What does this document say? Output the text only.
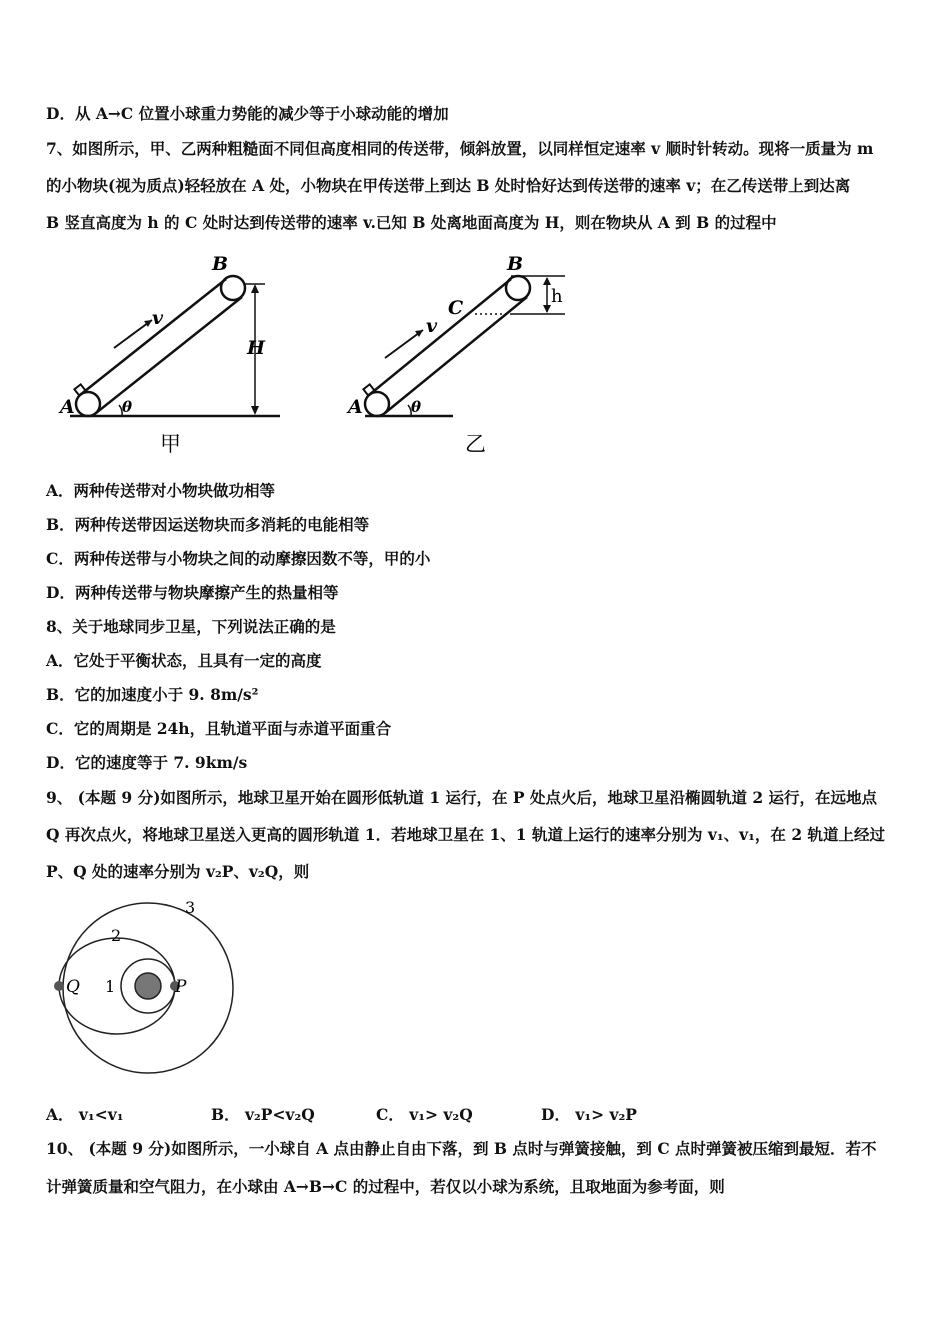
D．从 A→C 位置小球重力势能的减少等于小球动能的增加
7、如图所示，甲、乙两种粗糙面不同但高度相同的传送带，倾斜放置，以同样恒定速率 v 顺时针转动。现将一质量为 m
的小物块(视为质点)轻轻放在 A 处，小物块在甲传送带上到达 B 处时恰好达到传送带的速率 v；在乙传送带上到达离
B 竖直高度为 h 的 C 处时达到传送带的速率 v.已知 B 处离地面高度为 H，则在物块从 A 到 B 的过程中
A
B
v
H
θ
甲
A
B
C
v
h
θ
乙
A．两种传送带对小物块做功相等
B．两种传送带因运送物块而多消耗的电能相等
C．两种传送带与小物块之间的动摩擦因数不等，甲的小
D．两种传送带与物块摩擦产生的热量相等
8、关于地球同步卫星，下列说法正确的是
A．它处于平衡状态，且具有一定的高度
B．它的加速度小于 9. 8m/s²
C．它的周期是 24h，且轨道平面与赤道平面重合
D．它的速度等于 7. 9km/s
9、 (本题 9 分)如图所示，地球卫星开始在圆形低轨道 1 运行，在 P 处点火后，地球卫星沿椭圆轨道 2 运行，在远地点
Q 再次点火，将地球卫星送入更高的圆形轨道 1．若地球卫星在 1、1 轨道上运行的速率分别为 v₁、v₁，在 2 轨道上经过
P、Q 处的速率分别为 v₂P、v₂Q，则
Q	P
1
2
3
A． v₁<v₁	B． v₂P<v₂Q	C． v₁> v₂Q	D． v₁> v₂P
10、 (本题 9 分)如图所示，一小球自 A 点由静止自由下落，到 B 点时与弹簧接触，到 C 点时弹簧被压缩到最短．若不
计弹簧质量和空气阻力，在小球由 A→B→C 的过程中，若仅以小球为系统，且取地面为参考面，则
